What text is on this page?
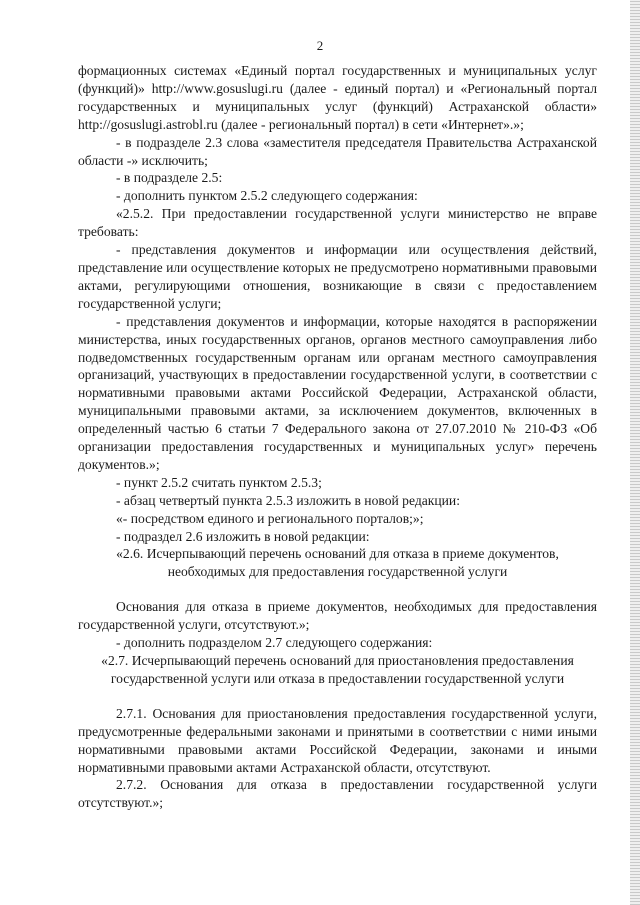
2

формационных системах «Единый портал государственных и муниципальных услуг (функций)» http://www.gosuslugi.ru (далее - единый портал) и «Региональный портал государственных и муниципальных услуг (функций) Астраханской области» http://gosuslugi.astrobl.ru (далее - региональный портал) в сети «Интернет».»;

- в подразделе 2.3 слова «заместителя председателя Правительства Астраханской области -» исключить;

- в подразделе 2.5:

- дополнить пунктом 2.5.2 следующего содержания:

«2.5.2. При предоставлении государственной услуги министерство не вправе требовать:

- представления документов и информации или осуществления действий, представление или осуществление которых не предусмотрено нормативными правовыми актами, регулирующими отношения, возникающие в связи с предоставлением государственной услуги;

- представления документов и информации, которые находятся в распоряжении министерства, иных государственных органов, органов местного самоуправления либо подведомственных государственным органам или органам местного самоуправления организаций, участвующих в предоставлении государственной услуги, в соответствии с нормативными правовыми актами Российской Федерации, Астраханской области, муниципальными правовыми актами, за исключением документов, включенных в определенный частью 6 статьи 7 Федерального закона от 27.07.2010 № 210-ФЗ «Об организации предоставления государственных и муниципальных услуг» перечень документов.»;

- пункт 2.5.2 считать пунктом 2.5.3;

- абзац четвертый пункта 2.5.3 изложить в новой редакции:

«- посредством единого и регионального порталов;»;

- подраздел 2.6 изложить в новой редакции:

«2.6. Исчерпывающий перечень оснований для отказа в приеме документов, необходимых для предоставления государственной услуги

Основания для отказа в приеме документов, необходимых для предоставления государственной услуги, отсутствуют.»;

- дополнить подразделом 2.7 следующего содержания:

«2.7. Исчерпывающий перечень оснований для приостановления предоставления государственной услуги или отказа в предоставлении государственной услуги

2.7.1. Основания для приостановления предоставления государственной услуги, предусмотренные федеральными законами и принятыми в соответствии с ними иными нормативными правовыми актами Российской Федерации, законами и иными нормативными правовыми актами Астраханской области, отсутствуют.

2.7.2. Основания для отказа в предоставлении государственной услуги отсутствуют.»;
